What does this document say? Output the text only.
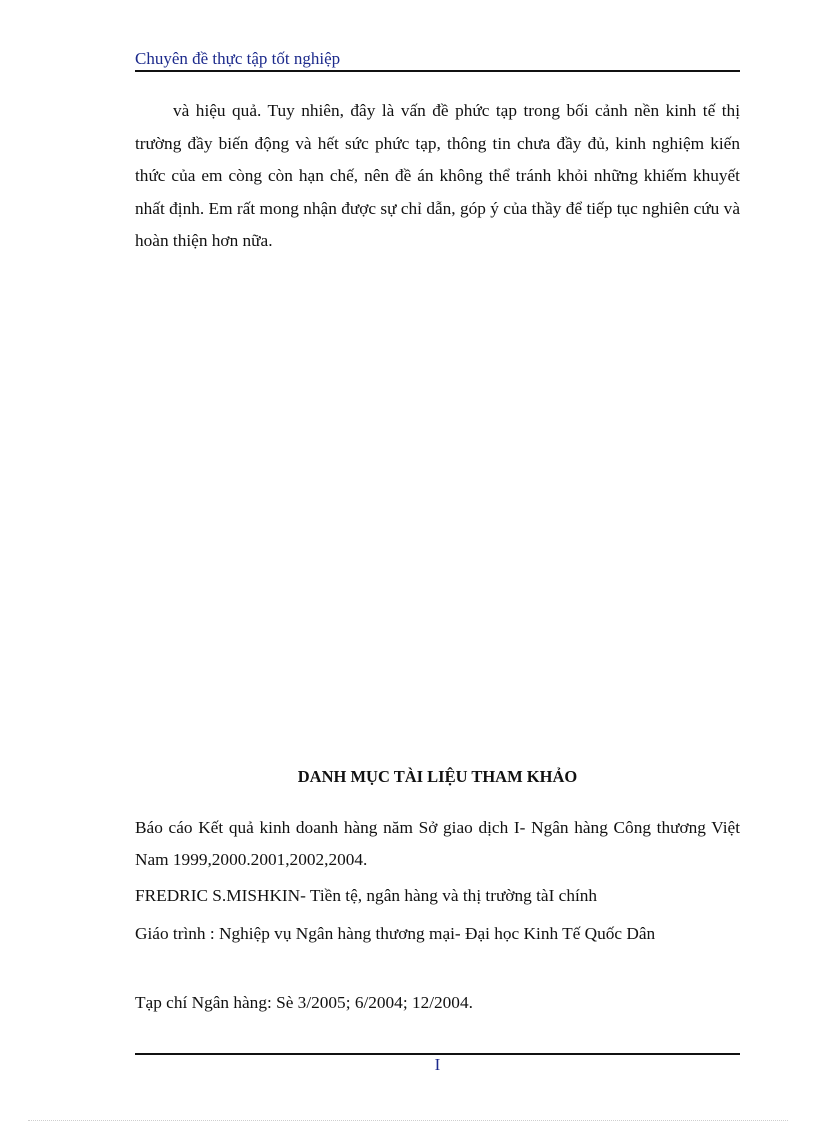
Chuyên đề thực tập tốt nghiệp

và hiệu quả. Tuy nhiên, đây là vấn đề phức tạp trong bối cảnh nền kinh tế thị trường đầy biến động và hết sức phức tạp, thông tin chưa đầy đủ, kinh nghiệm kiến thức của em còng còn hạn chế, nên đề án không thể tránh khỏi những khiếm khuyết nhất định. Em rất mong nhận được sự chỉ dẫn, góp ý của thầy để tiếp tục nghiên cứu và hoàn thiện hơn nữa.

DANH MỤC TÀI LIỆU THAM KHẢO

Báo cáo Kết quả kinh doanh hàng năm Sở giao dịch I- Ngân hàng Công thương Việt Nam 1999,2000.2001,2002,2004.

FREDRIC S.MISHKIN- Tiền tệ, ngân hàng và thị trường tàI chính

Giáo trình : Nghiệp vụ Ngân hàng thương mại- Đại học Kinh Tế Quốc Dân

Tạp chí Ngân hàng: Sè 3/2005; 6/2004; 12/2004.

I
